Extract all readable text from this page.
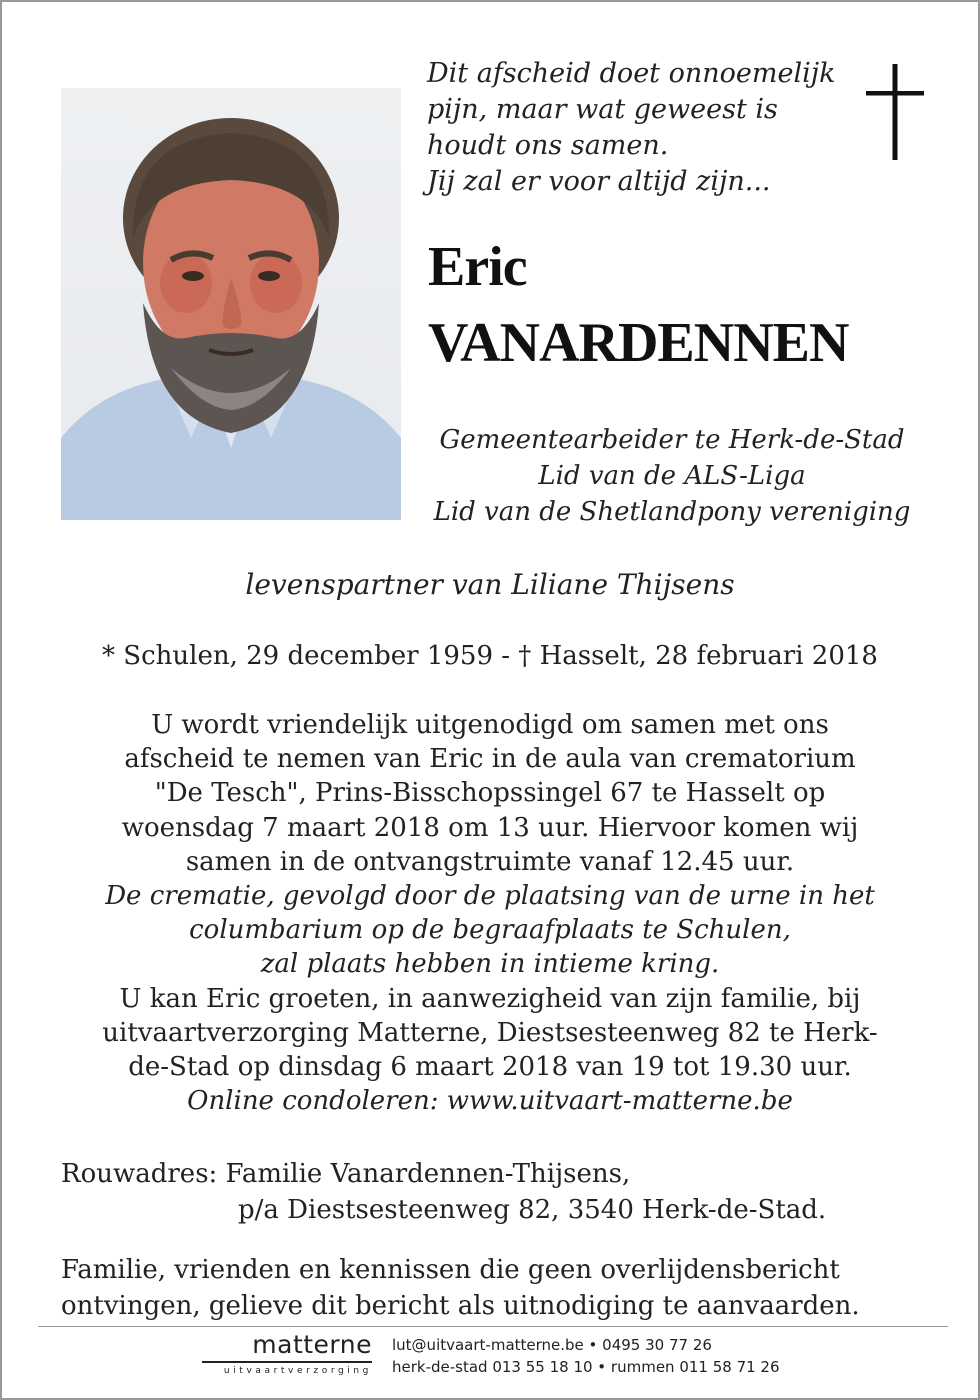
Dit afscheid doet onnoemelijk
pijn, maar wat geweest is
houdt ons samen.
Jij zal er voor altijd zijn...
Eric
VANARDENNEN
Gemeentearbeider te Herk-de-Stad
Lid van de ALS-Liga
Lid van de Shetlandpony vereniging
levenspartner van Liliane Thijsens
* Schulen, 29 december 1959 - † Hasselt, 28 februari 2018
U wordt vriendelijk uitgenodigd om samen met ons
afscheid te nemen van Eric in de aula van crematorium
"De Tesch", Prins-Bisschopssingel 67 te Hasselt op
woensdag 7 maart 2018 om 13 uur. Hiervoor komen wij
samen in de ontvangstruimte vanaf 12.45 uur.
De crematie, gevolgd door de plaatsing van de urne in het
columbarium op de begraafplaats te Schulen,
zal plaats hebben in intieme kring.
U kan Eric groeten, in aanwezigheid van zijn familie, bij
uitvaartverzorging Matterne, Diestsesteenweg 82 te Herk-
de-Stad op dinsdag 6 maart 2018 van 19 tot 19.30 uur.
Online condoleren: www.uitvaart-matterne.be
Rouwadres: Familie Vanardennen-Thijsens,
p/a Diestsesteenweg 82, 3540 Herk-de-Stad.
Familie, vrienden en kennissen die geen overlijdensbericht
ontvingen, gelieve dit bericht als uitnodiging te aanvaarden.
matterne
uitvaartverzorging
lut@uitvaart-matterne.be • 0495 30 77 26
herk-de-stad 013 55 18 10 • rummen 011 58 71 26
